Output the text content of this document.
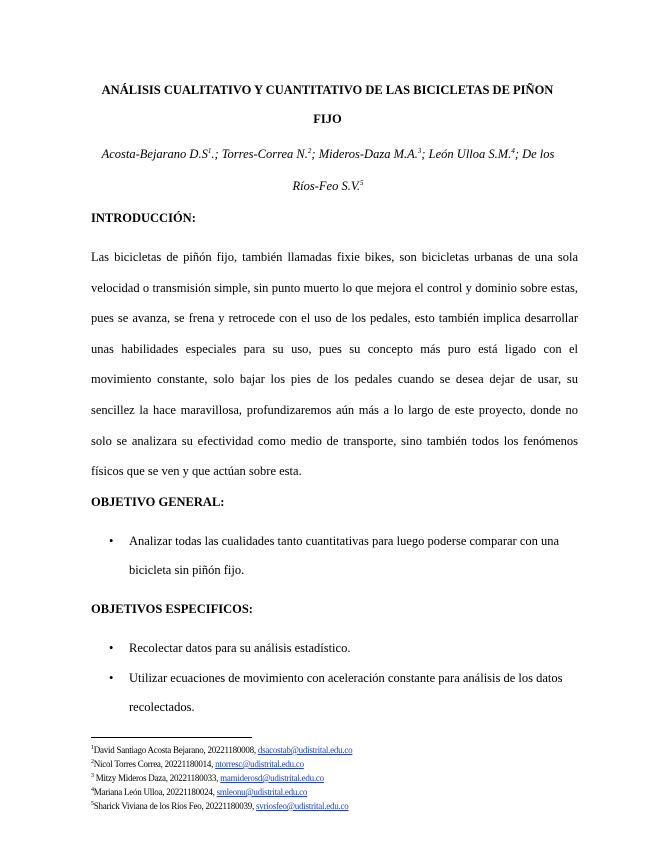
ANÁLISIS CUALITATIVO Y CUANTITATIVO DE LAS BICICLETAS DE PIÑON
FIJO
Acosta-Bejarano $D.S^1$.; Torres-Correa N.$^2$; Mideros-Daza M.A.$^3$; León Ulloa S.M.$^4$; De los
Ríos-Feo S.V.$^5$
INTRODUCCIÓN:
Las bicicletas de piñón fijo, también llamadas fixie bikes, son bicicletas urbanas de una sola velocidad o transmisión simple, sin punto muerto lo que mejora el control y dominio sobre estas, pues se avanza, se frena y retrocede con el uso de los pedales, esto también implica desarrollar unas habilidades especiales para su uso, pues su concepto más puro está ligado con el movimiento constante, solo bajar los pies de los pedales cuando se desea dejar de usar, su sencillez la hace maravillosa, profundizaremos aún más a lo largo de este proyecto, donde no solo se analizara su efectividad como medio de transporte, sino también todos los fenómenos físicos que se ven y que actúan sobre esta.
OBJETIVO GENERAL:
•	Analizar todas las cualidades tanto cuantitativas para luego poderse comparar con una bicicleta sin piñón fijo.
OBJETIVOS ESPECIFICOS:
•	Recolectar datos para su análisis estadístico.
•	Utilizar ecuaciones de movimiento con aceleración constante para análisis de los datos recolectados.
$^1$David Santiago Acosta Bejarano, 20221180008, dsacostab@udistrital.edu.co
$^2$Nicol Torres Correa, 20221180014, ntorresc@udistrital.edu.co
$^3$ Mitzy Mideros Daza, 20221180033, mamiderosd@udistrital.edu.co
$^4$Mariana León Ulloa, 20221180024, smleonu@udistrital.edu.co
$^5$Sharick Viviana de los Ríos Feo, 20221180039, svriosfeo@udistrital.edu.co
